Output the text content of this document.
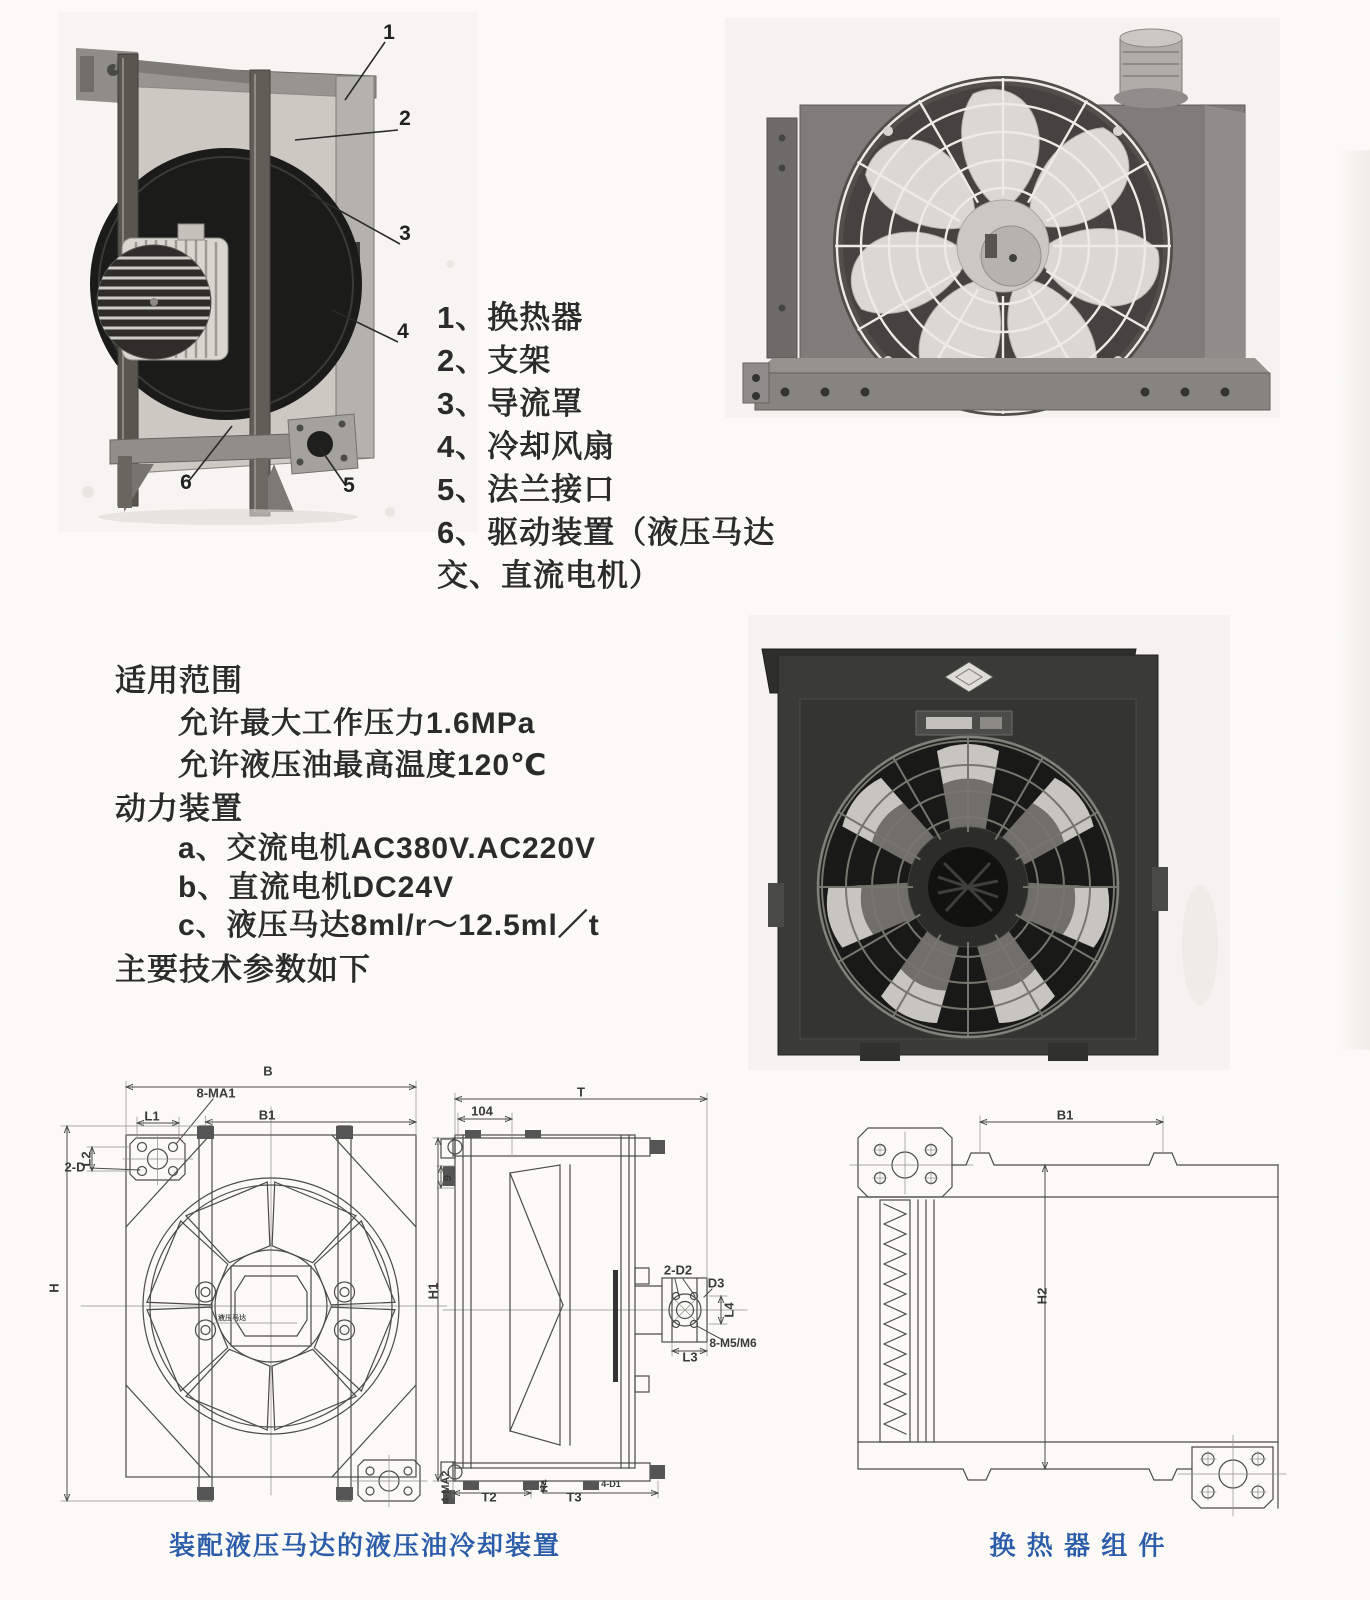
1
2
3
4
5
6
1、换热器
2、支架
3、导流罩
4、冷却风扇
5、法兰接口
6、驱动装置（液压马达
交、直流电机）
适用范围
允许最大工作压力1.6MPa
允许液压油最高温度120℃
动力装置
a、交流电机AC380V.AC220V
b、直流电机DC24V
c、液压马达8ml/r～12.5ml／t
主要技术参数如下
B
8-MA1
L1	B1
L2
2-D
H
液压马达
T
104
9
H1
2-D2
D3
L4
8-M5/M6
L3
4-MA2 T2
H4
T3
4-D1
B1
H2
装配液压马达的液压油冷却装置	换 热 器 组 件
